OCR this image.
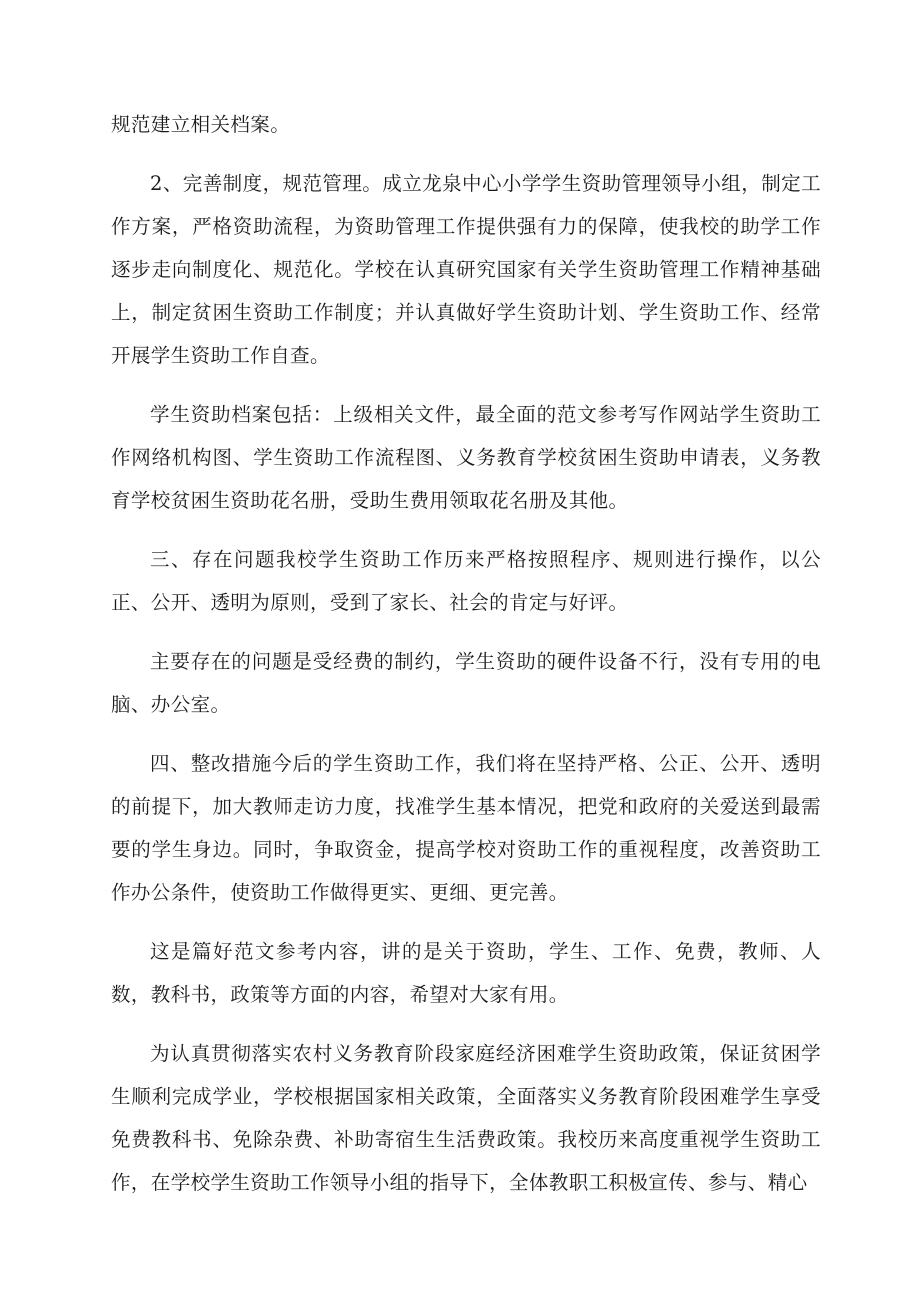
规范建立相关档案。

2、完善制度，规范管理。成立龙泉中心小学学生资助管理领导小组，制定工作方案，严格资助流程，为资助管理工作提供强有力的保障，使我校的助学工作逐步走向制度化、规范化。学校在认真研究国家有关学生资助管理工作精神基础上，制定贫困生资助工作制度；并认真做好学生资助计划、学生资助工作、经常开展学生资助工作自查。

学生资助档案包括：上级相关文件，最全面的范文参考写作网站学生资助工作网络机构图、学生资助工作流程图、义务教育学校贫困生资助申请表，义务教育学校贫困生资助花名册，受助生费用领取花名册及其他。

三、存在问题我校学生资助工作历来严格按照程序、规则进行操作，以公正、公开、透明为原则，受到了家长、社会的肯定与好评。

主要存在的问题是受经费的制约，学生资助的硬件设备不行，没有专用的电脑、办公室。

四、整改措施今后的学生资助工作，我们将在坚持严格、公正、公开、透明的前提下，加大教师走访力度，找准学生基本情况，把党和政府的关爱送到最需要的学生身边。同时，争取资金，提高学校对资助工作的重视程度，改善资助工作办公条件，使资助工作做得更实、更细、更完善。

这是篇好范文参考内容，讲的是关于资助，学生、工作、免费，教师、人数，教科书，政策等方面的内容，希望对大家有用。

为认真贯彻落实农村义务教育阶段家庭经济困难学生资助政策，保证贫困学生顺利完成学业，学校根据国家相关政策，全面落实义务教育阶段困难学生享受免费教科书、免除杂费、补助寄宿生生活费政策。我校历来高度重视学生资助工作，在学校学生资助工作领导小组的指导下，全体教职工积极宣传、参与、精心
